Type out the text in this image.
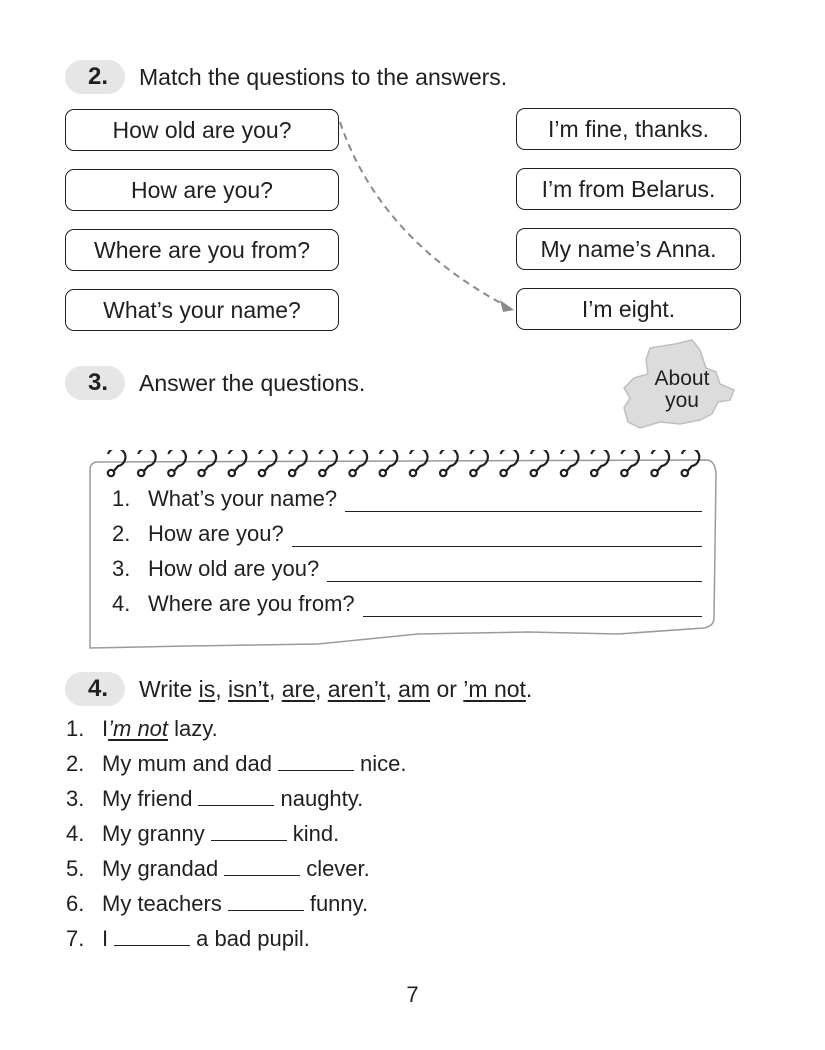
2.	Match the questions to the answers.
How old are you?
How are you?
Where are you from?
What’s your name?
I’m fine, thanks.
I’m from Belarus.
My name’s Anna.
I’m eight.
3.	Answer the questions.	About
you
1. What’s your name?
2. How are you?
3. How old are you?
4. Where are you from?
4.	Write is, isn’t, are, aren’t, am or ’m not.
1. I’m not lazy.
2. My mum and dad	nice.
3. My friend	naughty.
4. My granny	kind.
5. My grandad	clever.
6. My teachers	funny.
7. I	a bad pupil.
7
